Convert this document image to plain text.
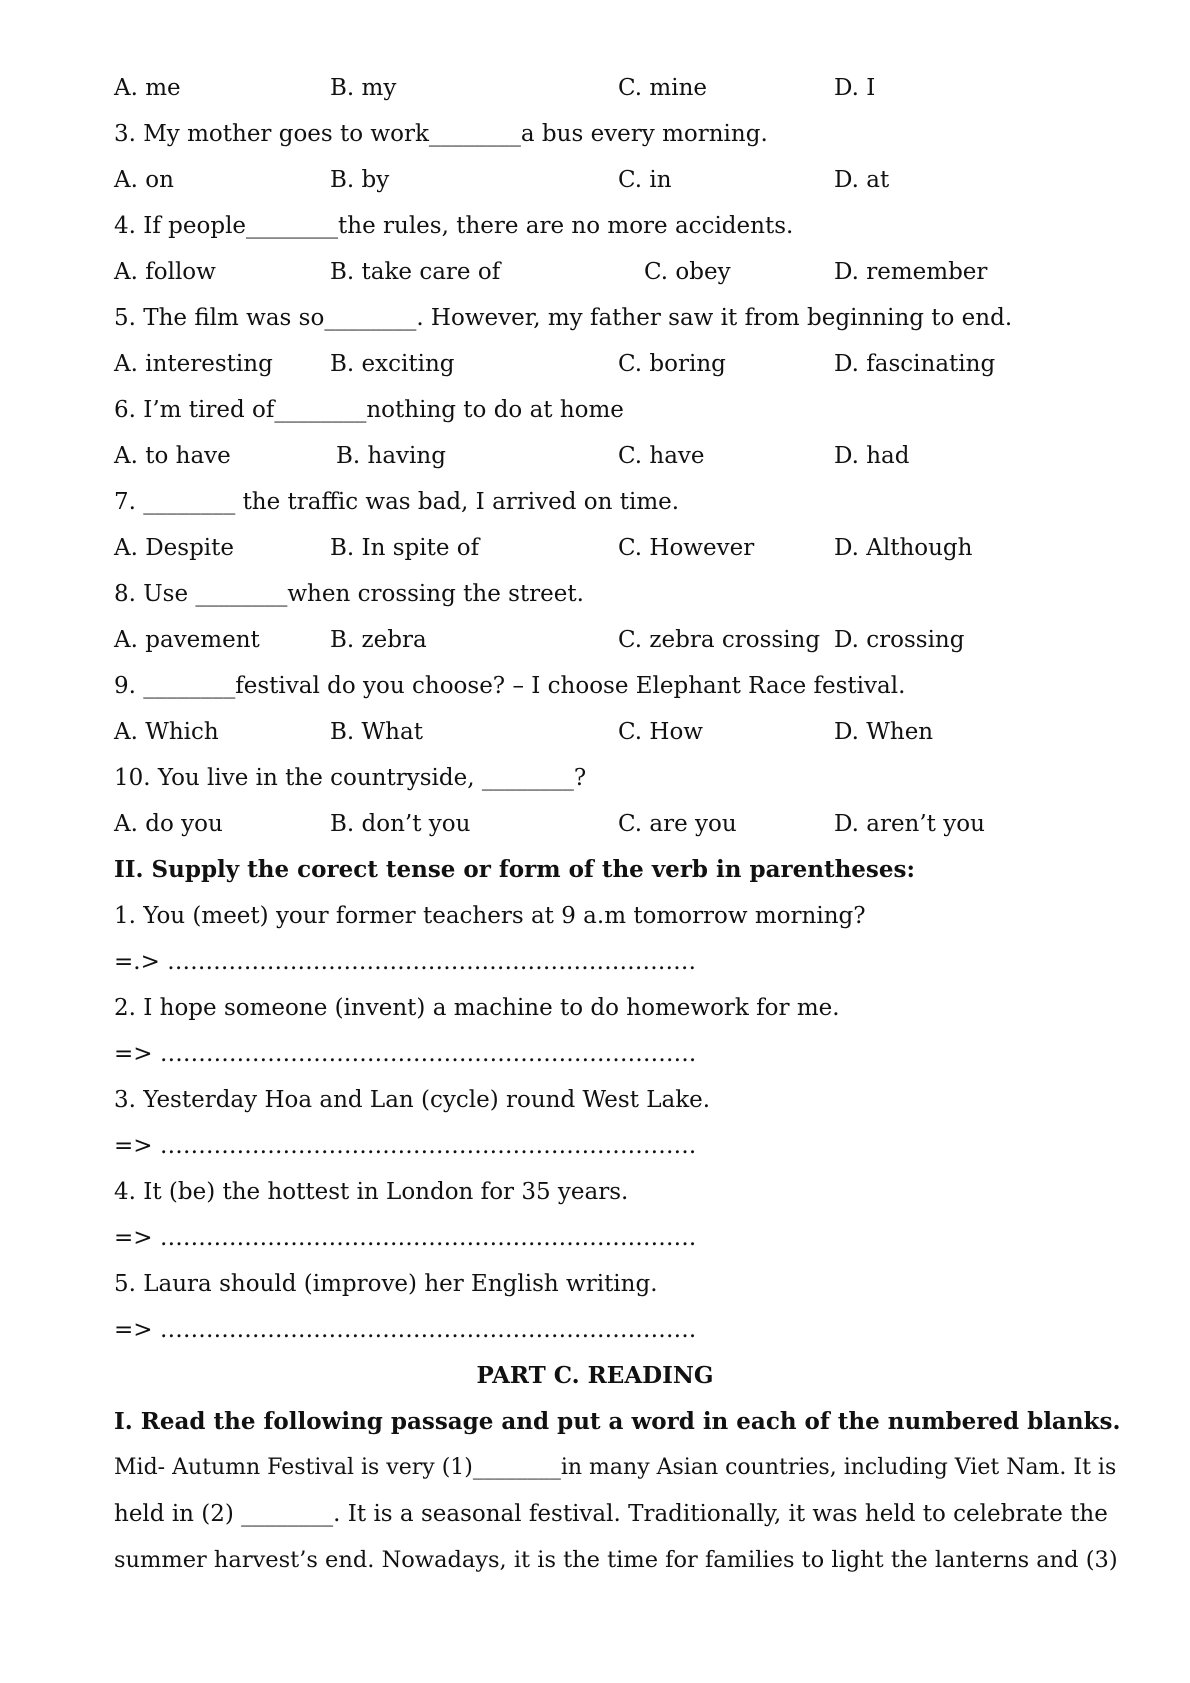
A. me	B. my	C. mine	D. I
3. My mother goes to work________a bus every morning.
A. on	B. by	C. in	D. at
4. If people________the rules, there are no more accidents.
A. follow	B. take care of	C. obey	D. remember
5. The film was so________. However, my father saw it from beginning to end.
A. interesting B. exciting	C. boring	D. fascinating
6. I’m tired of________nothing to do at home
A. to have	B. having	C. have	D. had
7. ________ the traffic was bad, I arrived on time.
A. Despite	B. In spite of	C. However	D. Although
8. Use ________when crossing the street.
A. pavement	B. zebra	C. zebra crossing D. crossing
9. ________festival do you choose? – I choose Elephant Race festival.
A. Which	B. What	C. How	D. When
10. You live in the countryside, ________?
A. do you	B. don’t you	C. are you	D. aren’t you
II. Supply the corect tense or form of the verb in parentheses:
1. You (meet) your former teachers at 9 a.m tomorrow morning?
=.> ……………………………………………………………
2. I hope someone (invent) a machine to do homework for me.
=> …………………………………………………………….
3. Yesterday Hoa and Lan (cycle) round West Lake.
=> …………………………………………………………….
4. It (be) the hottest in London for 35 years.
=> …………………………………………………………….
5. Laura should (improve) her English writing.
=> …………………………………………………………….
PART C. READING
I. Read the following passage and put a word in each of the numbered blanks.
Mid- Autumn Festival is very (1)________in many Asian countries, including Viet Nam. It is
held in (2) ________. It is a seasonal festival. Traditionally, it was held to celebrate the
summer harvest’s end. Nowadays, it is the time for families to light the lanterns and (3)
